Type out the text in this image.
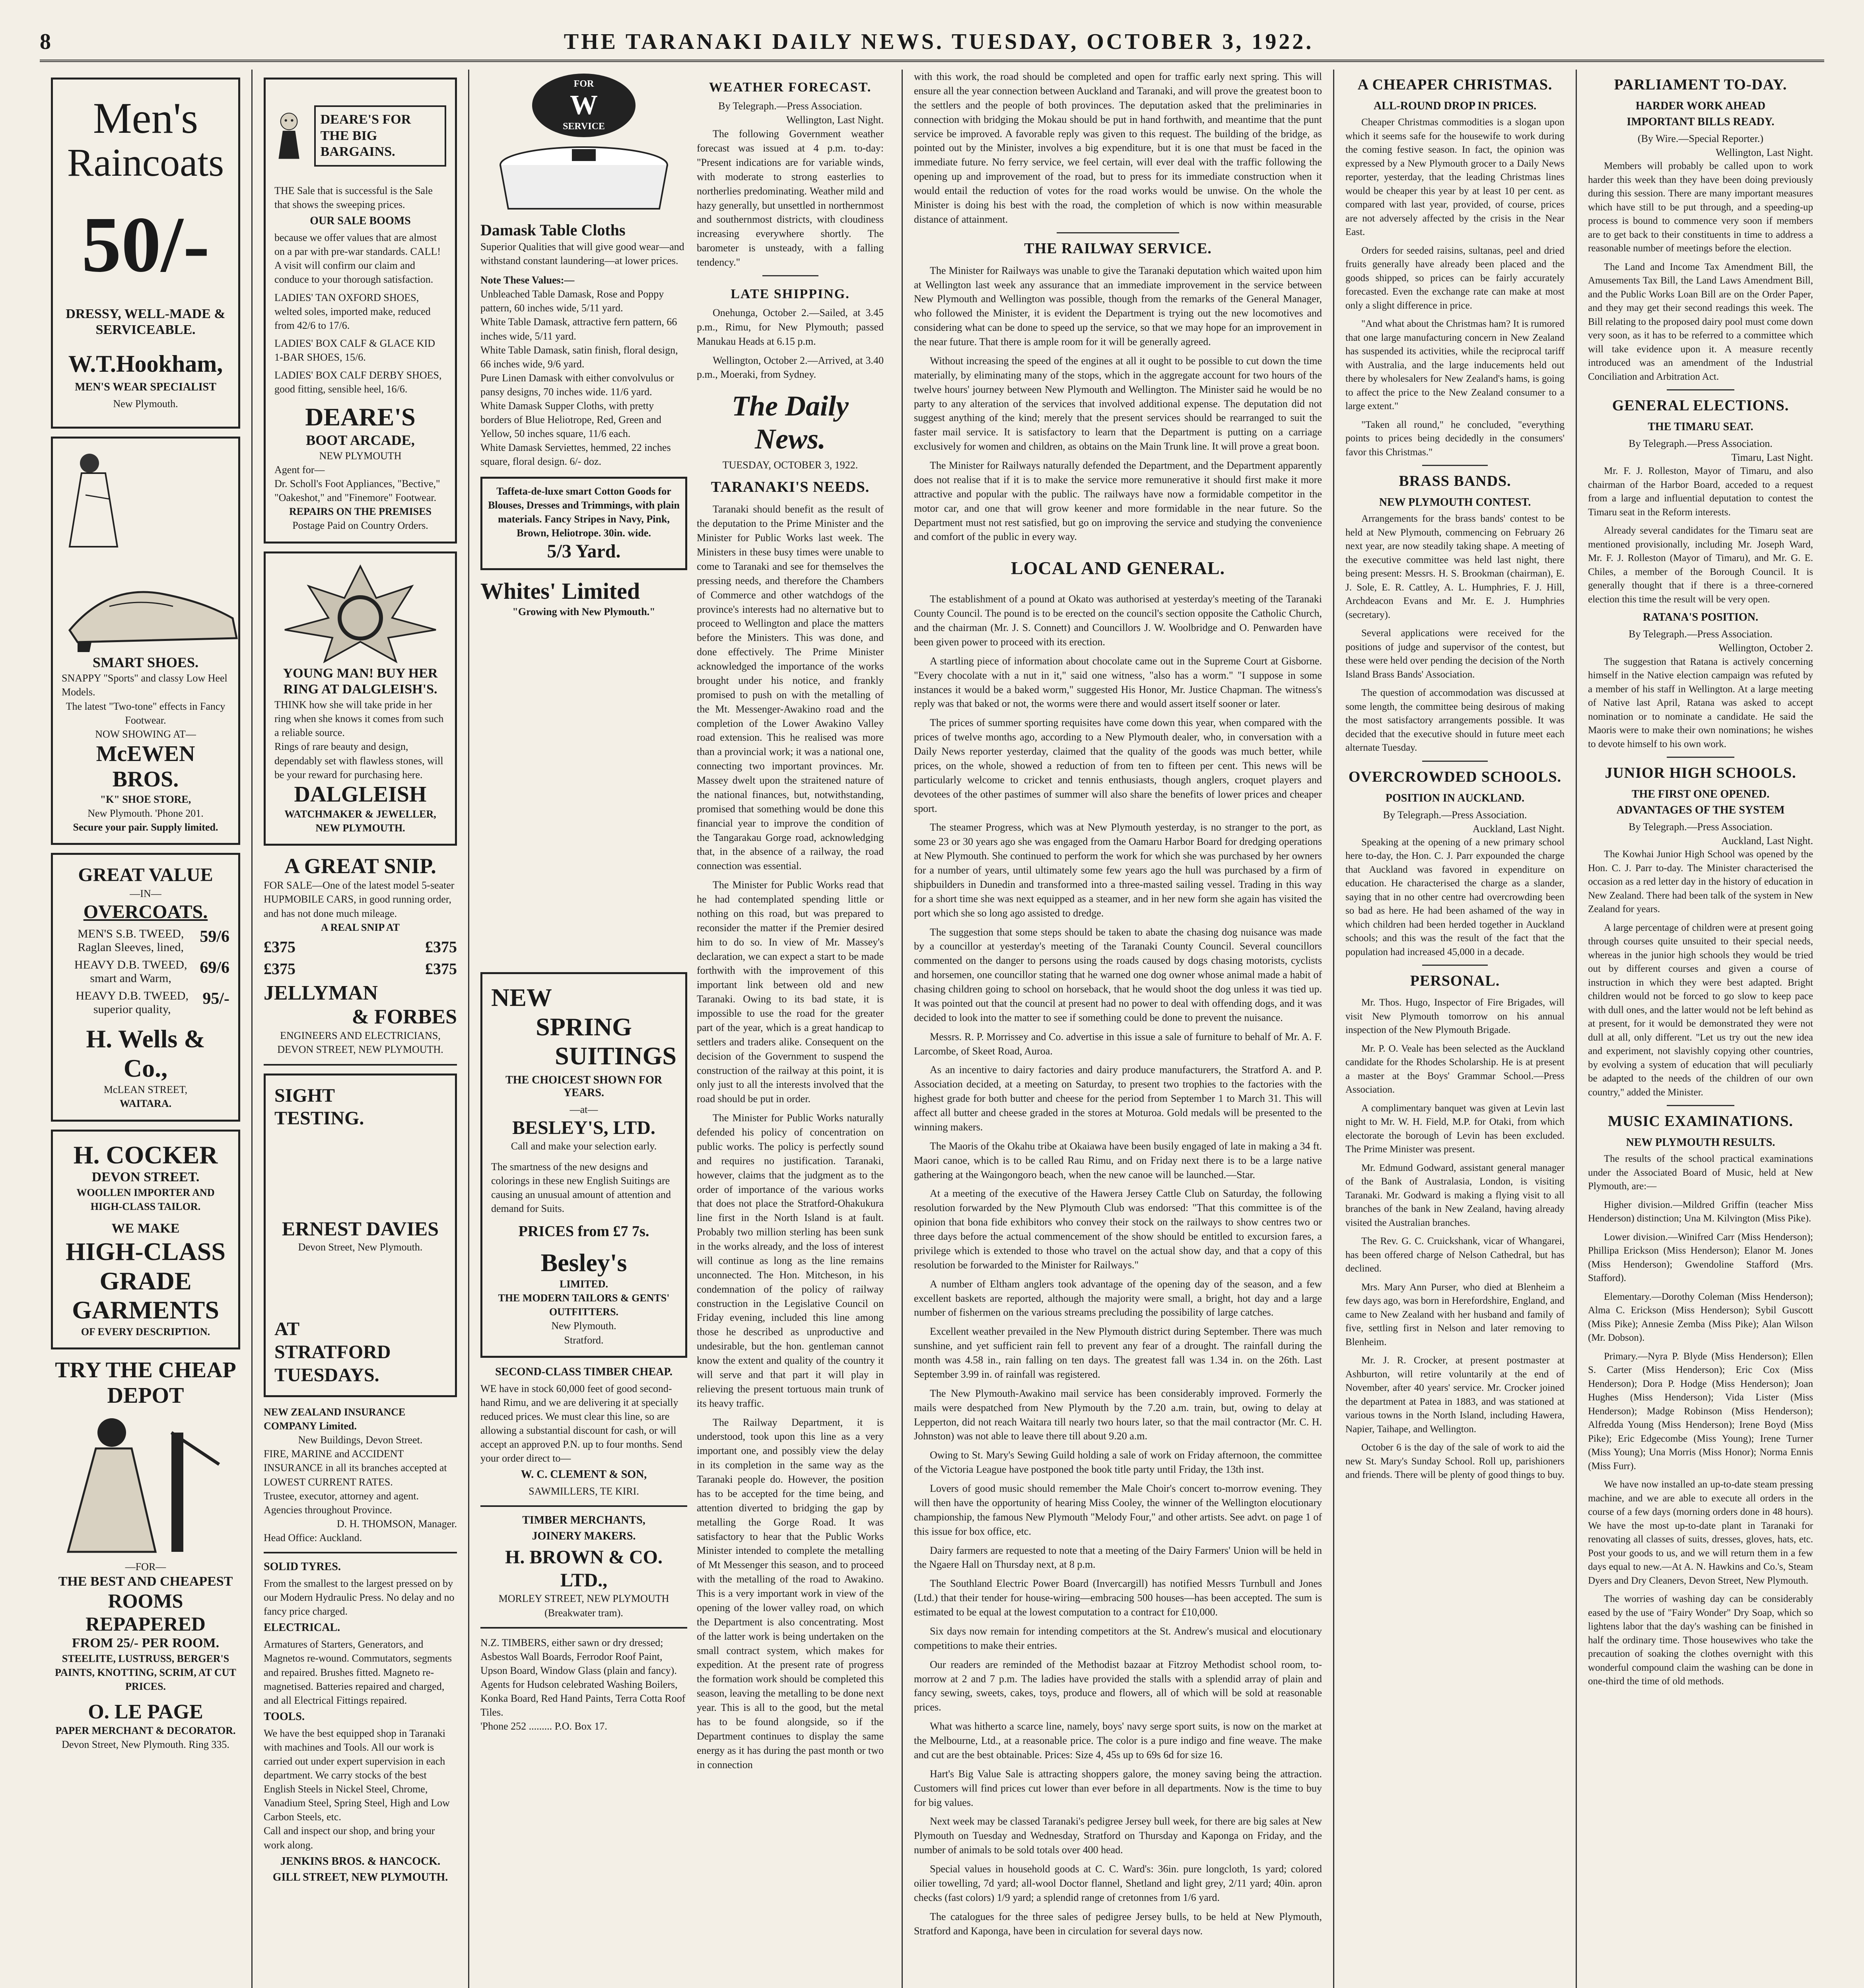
8	THE TARANAKI DAILY NEWS. TUESDAY, OCTOBER 3, 1922.
Men's
Raincoats
50/-
DRESSY, WELL-MADE &
SERVICEABLE.
W.T.Hookham,
MEN'S WEAR SPECIALIST
New Plymouth.
SMART SHOES.
SNAPPY "Sports" and classy Low Heel Models.
The latest "Two-tone" effects in Fancy Footwear.
NOW SHOWING AT—
McEWEN BROS.
"K" SHOE STORE,
New Plymouth. 'Phone 201.
Secure your pair. Supply limited.
GREAT VALUE
—IN—
OVERCOATS.
MEN'S S.B. TWEED, Raglan Sleeves, lined,
59/6
HEAVY D.B. TWEED, smart and Warm,
69/6
HEAVY D.B. TWEED, superior quality,
95/-
H. Wells & Co.,
McLEAN STREET,
WAITARA.
H. COCKER
DEVON STREET.
WOOLLEN IMPORTER AND HIGH-CLASS TAILOR.
WE MAKE
HIGH-CLASS
GRADE
GARMENTS
OF EVERY DESCRIPTION.
TRY THE CHEAP DEPOT
—FOR—
THE BEST AND CHEAPEST
ROOMS REPAPERED
FROM 25/- PER ROOM.
STEELITE, LUSTRUSS, BERGER'S PAINTS, KNOTTING, SCRIM, AT CUT PRICES.
O. LE PAGE
PAPER MERCHANT & DECORATOR.
Devon Street, New Plymouth. Ring 335.
DEARE'S FOR THE BIG BARGAINS.
THE Sale that is successful is the Sale that shows the sweeping prices.
OUR SALE BOOMS
because we offer values that are almost on a par with pre-war standards. CALL! A visit will confirm our claim and conduce to your thorough satisfaction.
LADIES' TAN OXFORD SHOES, welted soles, imported make, reduced from 42/6 to 17/6.
LADIES' BOX CALF & GLACE KID 1-BAR SHOES, 15/6.
LADIES' BOX CALF DERBY SHOES, good fitting, sensible heel, 16/6.
DEARE'S
BOOT ARCADE,
NEW PLYMOUTH
Agent for—
Dr. Scholl's Foot Appliances, "Bective," "Oakeshot," and "Finemore" Footwear.
REPAIRS ON THE PREMISES
Postage Paid on Country Orders.
YOUNG MAN! BUY HER RING AT DALGLEISH'S.
THINK how she will take pride in her ring when she knows it comes from such a reliable source.
Rings of rare beauty and design, dependably set with flawless stones, will be your reward for purchasing here.
DALGLEISH
WATCHMAKER & JEWELLER, NEW PLYMOUTH.
A GREAT SNIP.
FOR SALE—One of the latest model 5-seater HUPMOBILE CARS, in good running order, and has not done much mileage.
A REAL SNIP AT
£375	£375
£375	£375
JELLYMAN
& FORBES
ENGINEERS AND ELECTRICIANS, DEVON STREET, NEW PLYMOUTH.
SIGHT
TESTING.
ERNEST DAVIES
Devon Street, New Plymouth.
AT
STRATFORD
TUESDAYS.
NEW ZEALAND INSURANCE COMPANY Limited.
New Buildings, Devon Street.
FIRE, MARINE and ACCIDENT INSURANCE in all its branches accepted at LOWEST CURRENT RATES.
Trustee, executor, attorney and agent. Agencies throughout Province.
D. H. THOMSON, Manager.
Head Office: Auckland.
SOLID TYRES.
From the smallest to the largest pressed on by our Modern Hydraulic Press. No delay and no fancy price charged.
ELECTRICAL.
Armatures of Starters, Generators, and Magnetos re-wound. Commutators, segments and repaired. Brushes fitted. Magneto re-magnetised. Batteries repaired and charged, and all Electrical Fittings repaired.
TOOLS.
We have the best equipped shop in Taranaki with machines and Tools. All our work is carried out under expert supervision in each department. We carry stocks of the best English Steels in Nickel Steel, Chrome, Vanadium Steel, Spring Steel, High and Low Carbon Steels, etc.
Call and inspect our shop, and bring your work along.
JENKINS BROS. & HANCOCK.
GILL STREET, NEW PLYMOUTH.
FOR
W
SERVICE
Damask Table Cloths
Superior Qualities that will give good wear—and withstand constant laundering—at lower prices.
Note These Values:—
Unbleached Table Damask, Rose and Poppy pattern, 60 inches wide, 5/11 yard.
White Table Damask, attractive fern pattern, 66 inches wide, 5/11 yard.
White Table Damask, satin finish, floral design, 66 inches wide, 9/6 yard.
Pure Linen Damask with either convolvulus or pansy designs, 70 inches wide. 11/6 yard.
White Damask Supper Cloths, with pretty borders of Blue Heliotrope, Red, Green and Yellow, 50 inches square, 11/6 each.
White Damask Serviettes, hemmed, 22 inches square, floral design. 6/- doz.
Taffeta-de-luxe smart Cotton Goods for Blouses, Dresses and Trimmings, with plain materials. Fancy Stripes in Navy, Pink, Brown, Heliotrope. 30in. wide.
5/3 Yard.
Whites' Limited
"Growing with New Plymouth."
WEATHER FORECAST.
By Telegraph.—Press Association.
Wellington, Last Night.

The following Government weather forecast was issued at 4 p.m. to-day: "Present indications are for variable winds, with moderate to strong easterlies to northerlies predominating. Weather mild and hazy generally, but unsettled in northernmost and southernmost districts, with cloudiness increasing everywhere shortly. The barometer is unsteady, with a falling tendency."

LATE SHIPPING.

Onehunga, October 2.—Sailed, at 3.45 p.m., Rimu, for New Plymouth; passed Manukau Heads at 6.15 p.m.

Wellington, October 2.—Arrived, at 3.40 p.m., Moeraki, from Sydney.

The Daily News.
TUESDAY, OCTOBER 3, 1922.
TARANAKI'S NEEDS.

Taranaki should benefit as the result of the deputation to the Prime Minister and the Minister for Public Works last week. The Ministers in these busy times were unable to come to Taranaki and see for themselves the pressing needs, and therefore the Chambers of Commerce and other watchdogs of the province's interests had no alternative but to proceed to Wellington and place the matters before the Ministers. This was done, and done effectively. The Prime Minister acknowledged the importance of the works brought under his notice, and frankly promised to push on with the metalling of the Mt. Messenger-Awakino road and the completion of the Lower Awakino Valley road extension. This he realised was more than a provincial work; it was a national one, connecting two important provinces. Mr. Massey dwelt upon the straitened nature of the national finances, but, notwithstanding, promised that something would be done this financial year to improve the condition of the Tangarakau Gorge road, acknowledging that, in the absence of a railway, the road connection was essential.

The Minister for Public Works read that he had contemplated spending little or nothing on this road, but was prepared to reconsider the matter if the Premier desired him to do so. In view of Mr. Massey's declaration, we can expect a start to be made forthwith with the improvement of this important link between old and new Taranaki. Owing to its bad state, it is impossible to use the road for the greater part of the year, which is a great handicap to settlers and traders alike. Consequent on the decision of the Government to suspend the construction of the railway at this point, it is only just to all the interests involved that the road should be put in order.

The Minister for Public Works naturally defended his policy of concentration on public works. The policy is perfectly sound and requires no justification. Taranaki, however, claims that the judgment as to the order of importance of the various works that does not place the Stratford-Ohakukura line first in the North Island is at fault. Probably two million sterling has been sunk in the works already, and the loss of interest will continue as long as the line remains unconnected. The Hon. Mitcheson, in his condemnation of the policy of railway construction in the Legislative Council on Friday evening, included this line among those he described as unproductive and undesirable, but the hon. gentleman cannot know the extent and quality of the country it will serve and that part it will play in relieving the present tortuous main trunk of its heavy traffic.

The Railway Department, it is understood, took upon this line as a very important one, and possibly view the delay in its completion in the same way as the Taranaki people do. However, the position has to be accepted for the time being, and attention diverted to bridging the gap by metalling the Gorge Road. It was satisfactory to hear that the Public Works Minister intended to complete the metalling of Mt Messenger this season, and to proceed with the metalling of the road to Awakino. This is a very important work in view of the opening of the lower valley road, on which the Department is also concentrating. Most of the latter work is being undertaken on the small contract system, which makes for expedition. At the present rate of progress the formation work should be completed this season, leaving the metalling to be done next year. This is all to the good, but the metal has to be found alongside, so if the Department continues to display the same energy as it has during the past month or two in connection

NEW
SPRING
SUITINGS
THE CHOICEST SHOWN FOR YEARS.
—at—
BESLEY'S, LTD.
Call and make your selection early.
The smartness of the new designs and colorings in these new English Suitings are causing an unusual amount of attention and demand for Suits.
PRICES from £7 7s.
Besley's
LIMITED.
THE MODERN TAILORS & GENTS' OUTFITTERS.
New Plymouth.
Stratford.
SECOND-CLASS TIMBER CHEAP.
WE have in stock 60,000 feet of good second-hand Rimu, and we are delivering it at specially reduced prices. We must clear this line, so are allowing a substantial discount for cash, or will accept an approved P.N. up to four months. Send your order direct to—
W. C. CLEMENT & SON,
SAWMILLERS, TE KIRI.
TIMBER MERCHANTS,
JOINERY MAKERS.
H. BROWN & CO. LTD.,
MORLEY STREET, NEW PLYMOUTH (Breakwater tram).
N.Z. TIMBERS, either sawn or dry dressed; Asbestos Wall Boards, Ferrodor Roof Paint, Upson Board, Window Glass (plain and fancy). Agents for Hudson celebrated Washing Boilers, Konka Board, Red Hand Paints, Terra Cotta Roof Tiles.
'Phone 252 ......... P.O. Box 17.

with this work, the road should be completed and open for traffic early next spring. This will ensure all the year connection between Auckland and Taranaki, and will prove the greatest boon to the settlers and the people of both provinces. The deputation asked that the preliminaries in connection with bridging the Mokau should be put in hand forthwith, and meantime that the punt service be improved. A favorable reply was given to this request. The building of the bridge, as pointed out by the Minister, involves a big expenditure, but it is one that must be faced in the immediate future. No ferry service, we feel certain, will ever deal with the traffic following the opening up and improvement of the road, but to press for its immediate construction when it would entail the reduction of votes for the road works would be unwise. On the whole the Minister is doing his best with the road, the completion of which is now within measurable distance of attainment.

THE RAILWAY SERVICE.

The Minister for Railways was unable to give the Taranaki deputation which waited upon him at Wellington last week any assurance that an immediate improvement in the service between New Plymouth and Wellington was possible, though from the remarks of the General Manager, who followed the Minister, it is evident the Department is trying out the new locomotives and considering what can be done to speed up the service, so that we may hope for an improvement in the near future. That there is ample room for it will be generally agreed.

Without increasing the speed of the engines at all it ought to be possible to cut down the time materially, by eliminating many of the stops, which in the aggregate account for two hours of the twelve hours' journey between New Plymouth and Wellington. The Minister said he would be no party to any alteration of the services that involved additional expense. The deputation did not suggest anything of the kind; merely that the present services should be rearranged to suit the faster mail service. It is satisfactory to learn that the Department is putting on a carriage exclusively for women and children, as obtains on the Main Trunk line. It will prove a great boon.

The Minister for Railways naturally defended the Department, and the Department apparently does not realise that if it is to make the service more remunerative it should first make it more attractive and popular with the public. The railways have now a formidable competitor in the motor car, and one that will grow keener and more formidable in the near future. So the Department must not rest satisfied, but go on improving the service and studying the convenience and comfort of the public in every way.

LOCAL AND GENERAL.

The establishment of a pound at Okato was authorised at yesterday's meeting of the Taranaki County Council. The pound is to be erected on the council's section opposite the Catholic Church, and the chairman (Mr. J. S. Connett) and Councillors J. W. Woolbridge and O. Penwarden have been given power to proceed with its erection.

A startling piece of information about chocolate came out in the Supreme Court at Gisborne. "Every chocolate with a nut in it," said one witness, "also has a worm." "I suppose in some instances it would be a baked worm," suggested His Honor, Mr. Justice Chapman. The witness's reply was that baked or not, the worms were there and would assert itself sooner or later.

The prices of summer sporting requisites have come down this year, when compared with the prices of twelve months ago, according to a New Plymouth dealer, who, in conversation with a Daily News reporter yesterday, claimed that the quality of the goods was much better, while prices, on the whole, showed a reduction of from ten to fifteen per cent. This news will be particularly welcome to cricket and tennis enthusiasts, though anglers, croquet players and devotees of the other pastimes of summer will also share the benefits of lower prices and cheaper sport.

The steamer Progress, which was at New Plymouth yesterday, is no stranger to the port, as some 23 or 30 years ago she was engaged from the Oamaru Harbor Board for dredging operations at New Plymouth. She continued to perform the work for which she was purchased by her owners for a number of years, until ultimately some few years ago the hull was purchased by a firm of shipbuilders in Dunedin and transformed into a three-masted sailing vessel. Trading in this way for a short time she was next equipped as a steamer, and in her new form she again has visited the port which she so long ago assisted to dredge.

The suggestion that some steps should be taken to abate the chasing dog nuisance was made by a councillor at yesterday's meeting of the Taranaki County Council. Several councillors commented on the danger to persons using the roads caused by dogs chasing motorists, cyclists and horsemen, one councillor stating that he warned one dog owner whose animal made a habit of chasing children going to school on horseback, that he would shoot the dog unless it was tied up. It was pointed out that the council at present had no power to deal with offending dogs, and it was decided to look into the matter to see if something could be done to prevent the nuisance.

Messrs. R. P. Morrissey and Co. advertise in this issue a sale of furniture to behalf of Mr. A. F. Larcombe, of Skeet Road, Auroa.

As an incentive to dairy factories and dairy produce manufacturers, the Stratford A. and P. Association decided, at a meeting on Saturday, to present two trophies to the factories with the highest grade for both butter and cheese for the period from September 1 to March 31. This will affect all butter and cheese graded in the stores at Moturoa. Gold medals will be presented to the winning makers.

The Maoris of the Okahu tribe at Okaiawa have been busily engaged of late in making a 34 ft. Maori canoe, which is to be called Rau Rimu, and on Friday next there is to be a large native gathering at the Waingongoro beach, when the new canoe will be launched.—Star.

At a meeting of the executive of the Hawera Jersey Cattle Club on Saturday, the following resolution forwarded by the New Plymouth Club was endorsed: "That this committee is of the opinion that bona fide exhibitors who convey their stock on the railways to show centres two or three days before the actual commencement of the show should be entitled to excursion fares, a privilege which is extended to those who travel on the actual show day, and that a copy of this resolution be forwarded to the Minister for Railways."

A number of Eltham anglers took advantage of the opening day of the season, and a few excellent baskets are reported, although the majority were small, a bright, hot day and a large number of fishermen on the various streams precluding the possibility of large catches.

Excellent weather prevailed in the New Plymouth district during September. There was much sunshine, and yet sufficient rain fell to prevent any fear of a drought. The rainfall during the month was 4.58 in., rain falling on ten days. The greatest fall was 1.34 in. on the 26th. Last September 3.99 in. of rainfall was registered.

The New Plymouth-Awakino mail service has been considerably improved. Formerly the mails were despatched from New Plymouth by the 7.20 a.m. train, but, owing to delay at Lepperton, did not reach Waitara till nearly two hours later, so that the mail contractor (Mr. C. H. Johnston) was not able to leave there till about 9.20 a.m.

Owing to St. Mary's Sewing Guild holding a sale of work on Friday afternoon, the committee of the Victoria League have postponed the book title party until Friday, the 13th inst.

Lovers of good music should remember the Male Choir's concert to-morrow evening. They will then have the opportunity of hearing Miss Cooley, the winner of the Wellington elocutionary championship, the famous New Plymouth "Melody Four," and other artists. See advt. on page 1 of this issue for box office, etc.

Dairy farmers are requested to note that a meeting of the Dairy Farmers' Union will be held in the Ngaere Hall on Thursday next, at 8 p.m.

The Southland Electric Power Board (Invercargill) has notified Messrs Turnbull and Jones (Ltd.) that their tender for house-wiring—embracing 500 houses—has been accepted. The sum is estimated to be equal at the lowest computation to a contract for £10,000.

Six days now remain for intending competitors at the St. Andrew's musical and elocutionary competitions to make their entries.

Our readers are reminded of the Methodist bazaar at Fitzroy Methodist school room, to-morrow at 2 and 7 p.m. The ladies have provided the stalls with a splendid array of plain and fancy sewing, sweets, cakes, toys, produce and flowers, all of which will be sold at reasonable prices.

What was hitherto a scarce line, namely, boys' navy serge sport suits, is now on the market at the Melbourne, Ltd., at a reasonable price. The color is a pure indigo and fine weave. The make and cut are the best obtainable. Prices: Size 4, 45s up to 69s 6d for size 16.

Hart's Big Value Sale is attracting shoppers galore, the money saving being the attraction. Customers will find prices cut lower than ever before in all departments. Now is the time to buy for big values.

Next week may be classed Taranaki's pedigree Jersey bull week, for there are big sales at New Plymouth on Tuesday and Wednesday, Stratford on Thursday and Kaponga on Friday, and the number of animals to be sold totals over 400 head.

Special values in household goods at C. C. Ward's: 36in. pure longcloth, 1s yard; colored oilier towelling, 7d yard; all-wool Doctor flannel, Shetland and light grey, 2/11 yard; 40in. apron checks (fast colors) 1/9 yard; a splendid range of cretonnes from 1/6 yard.

The catalogues for the three sales of pedigree Jersey bulls, to be held at New Plymouth, Stratford and Kaponga, have been in circulation for several days now.

A CHEAPER CHRISTMAS.
ALL-ROUND DROP IN PRICES.

Cheaper Christmas commodities is a slogan upon which it seems safe for the housewife to work during the coming festive season. In fact, the opinion was expressed by a New Plymouth grocer to a Daily News reporter, yesterday, that the leading Christmas lines would be cheaper this year by at least 10 per cent. as compared with last year, provided, of course, prices are not adversely affected by the crisis in the Near East.

Orders for seeded raisins, sultanas, peel and dried fruits generally have already been placed and the goods shipped, so prices can be fairly accurately forecasted. Even the exchange rate can make at most only a slight difference in price.

"And what about the Christmas ham? It is rumored that one large manufacturing concern in New Zealand has suspended its activities, while the reciprocal tariff with Australia, and the large inducements held out there by wholesalers for New Zealand's hams, is going to affect the price to the New Zealand consumer to a large extent."

"Taken all round," he concluded, "everything points to prices being decidedly in the consumers' favor this Christmas."

BRASS BANDS.
NEW PLYMOUTH CONTEST.

Arrangements for the brass bands' contest to be held at New Plymouth, commencing on February 26 next year, are now steadily taking shape. A meeting of the executive committee was held last night, there being present: Messrs. H. S. Brookman (chairman), E. J. Sole, E. R. Cattley, A. L. Humphries, F. J. Hill, Archdeacon Evans and Mr. E. J. Humphries (secretary).

Several applications were received for the positions of judge and supervisor of the contest, but these were held over pending the decision of the North Island Brass Bands' Association.

The question of accommodation was discussed at some length, the committee being desirous of making the most satisfactory arrangements possible. It was decided that the executive should in future meet each alternate Tuesday.

OVERCROWDED SCHOOLS.
POSITION IN AUCKLAND.
By Telegraph.—Press Association.
Auckland, Last Night.

Speaking at the opening of a new primary school here to-day, the Hon. C. J. Parr expounded the charge that Auckland was favored in expenditure on education. He characterised the charge as a slander, saying that in no other centre had overcrowding been so bad as here. He had been ashamed of the way in which children had been herded together in Auckland schools; and this was the result of the fact that the population had increased 45,000 in a decade.

PERSONAL.

Mr. Thos. Hugo, Inspector of Fire Brigades, will visit New Plymouth tomorrow on his annual inspection of the New Plymouth Brigade.

Mr. P. O. Veale has been selected as the Auckland candidate for the Rhodes Scholarship. He is at present a master at the Boys' Grammar School.—Press Association.

A complimentary banquet was given at Levin last night to Mr. W. H. Field, M.P. for Otaki, from which electorate the borough of Levin has been excluded. The Prime Minister was present.

Mr. Edmund Godward, assistant general manager of the Bank of Australasia, London, is visiting Taranaki. Mr. Godward is making a flying visit to all branches of the bank in New Zealand, having already visited the Australian branches.

The Rev. G. C. Cruickshank, vicar of Whangarei, has been offered charge of Nelson Cathedral, but has declined.

Mrs. Mary Ann Purser, who died at Blenheim a few days ago, was born in Herefordshire, England, and came to New Zealand with her husband and family of five, settling first in Nelson and later removing to Blenheim.

Mr. J. R. Crocker, at present postmaster at Ashburton, will retire voluntarily at the end of November, after 40 years' service. Mr. Crocker joined the department at Patea in 1883, and was stationed at various towns in the North Island, including Hawera, Napier, Taihape, and Wellington.

October 6 is the day of the sale of work to aid the new St. Mary's Sunday School. Roll up, parishioners and friends. There will be plenty of good things to buy.

PARLIAMENT TO-DAY.
HARDER WORK AHEAD
IMPORTANT BILLS READY.
(By Wire.—Special Reporter.)
Wellington, Last Night.

Members will probably be called upon to work harder this week than they have been doing previously during this session. There are many important measures which have still to be put through, and a speeding-up process is bound to commence very soon if members are to get back to their constituents in time to address a reasonable number of meetings before the election.

The Land and Income Tax Amendment Bill, the Amusements Tax Bill, the Land Laws Amendment Bill, and the Public Works Loan Bill are on the Order Paper, and they may get their second readings this week. The Bill relating to the proposed dairy pool must come down very soon, as it has to be referred to a committee which will take evidence upon it. A measure recently introduced was an amendment of the Industrial Conciliation and Arbitration Act.

GENERAL ELECTIONS.
THE TIMARU SEAT.
By Telegraph.—Press Association.
Timaru, Last Night.

Mr. F. J. Rolleston, Mayor of Timaru, and also chairman of the Harbor Board, acceded to a request from a large and influential deputation to contest the Timaru seat in the Reform interests.

Already several candidates for the Timaru seat are mentioned provisionally, including Mr. Joseph Ward, Mr. F. J. Rolleston (Mayor of Timaru), and Mr. G. E. Chiles, a member of the Borough Council. It is generally thought that if there is a three-cornered election this time the result will be very open.

RATANA'S POSITION.
By Telegraph.—Press Association.
Wellington, October 2.

The suggestion that Ratana is actively concerning himself in the Native election campaign was refuted by a member of his staff in Wellington. At a large meeting of Native last April, Ratana was asked to accept nomination or to nominate a candidate. He said the Maoris were to make their own nominations; he wishes to devote himself to his own work.

JUNIOR HIGH SCHOOLS.
THE FIRST ONE OPENED.
ADVANTAGES OF THE SYSTEM
By Telegraph.—Press Association.
Auckland, Last Night.

The Kowhai Junior High School was opened by the Hon. C. J. Parr to-day. The Minister characterised the occasion as a red letter day in the history of education in New Zealand. There had been talk of the system in New Zealand for years.

A large percentage of children were at present going through courses quite unsuited to their special needs, whereas in the junior high schools they would be tried out by different courses and given a course of instruction in which they were best adapted. Bright children would not be forced to go slow to keep pace with dull ones, and the latter would not be left behind as at present, for it would be demonstrated they were not dull at all, only different. "Let us try out the new idea and experiment, not slavishly copying other countries, by evolving a system of education that will peculiarly be adapted to the needs of the children of our own country," added the Minister.

MUSIC EXAMINATIONS.
NEW PLYMOUTH RESULTS.

The results of the school practical examinations under the Associated Board of Music, held at New Plymouth, are:—

Higher division.—Mildred Griffin (teacher Miss Henderson) distinction; Una M. Kilvington (Miss Pike).

Lower division.—Winifred Carr (Miss Henderson); Phillipa Erickson (Miss Henderson); Elanor M. Jones (Miss Henderson); Gwendoline Stafford (Mrs. Stafford).

Elementary.—Dorothy Coleman (Miss Henderson); Alma C. Erickson (Miss Henderson); Sybil Guscott (Miss Pike); Annesie Zemba (Miss Pike); Alan Wilson (Mr. Dobson).

Primary.—Nyra P. Blyde (Miss Henderson); Ellen S. Carter (Miss Henderson); Eric Cox (Miss Henderson); Dora P. Hodge (Miss Henderson); Joan Hughes (Miss Henderson); Vida Lister (Miss Henderson); Madge Robinson (Miss Henderson); Alfredda Young (Miss Henderson); Irene Boyd (Miss Pike); Eric Edgecombe (Miss Young); Irene Turner (Miss Young); Una Morris (Miss Honor); Norma Ennis (Miss Furr).

We have now installed an up-to-date steam pressing machine, and we are able to execute all orders in the course of a few days (morning orders done in 48 hours). We have the most up-to-date plant in Taranaki for renovating all classes of suits, dresses, gloves, hats, etc. Post your goods to us, and we will return them in a few days equal to new.—At A. N. Hawkins and Co.'s, Steam Dyers and Dry Cleaners, Devon Street, New Plymouth.

The worries of washing day can be considerably eased by the use of "Fairy Wonder" Dry Soap, which so lightens labor that the day's washing can be finished in half the ordinary time. Those housewives who take the precaution of soaking the clothes overnight with this wonderful compound claim the washing can be done in one-third the time of old methods.
